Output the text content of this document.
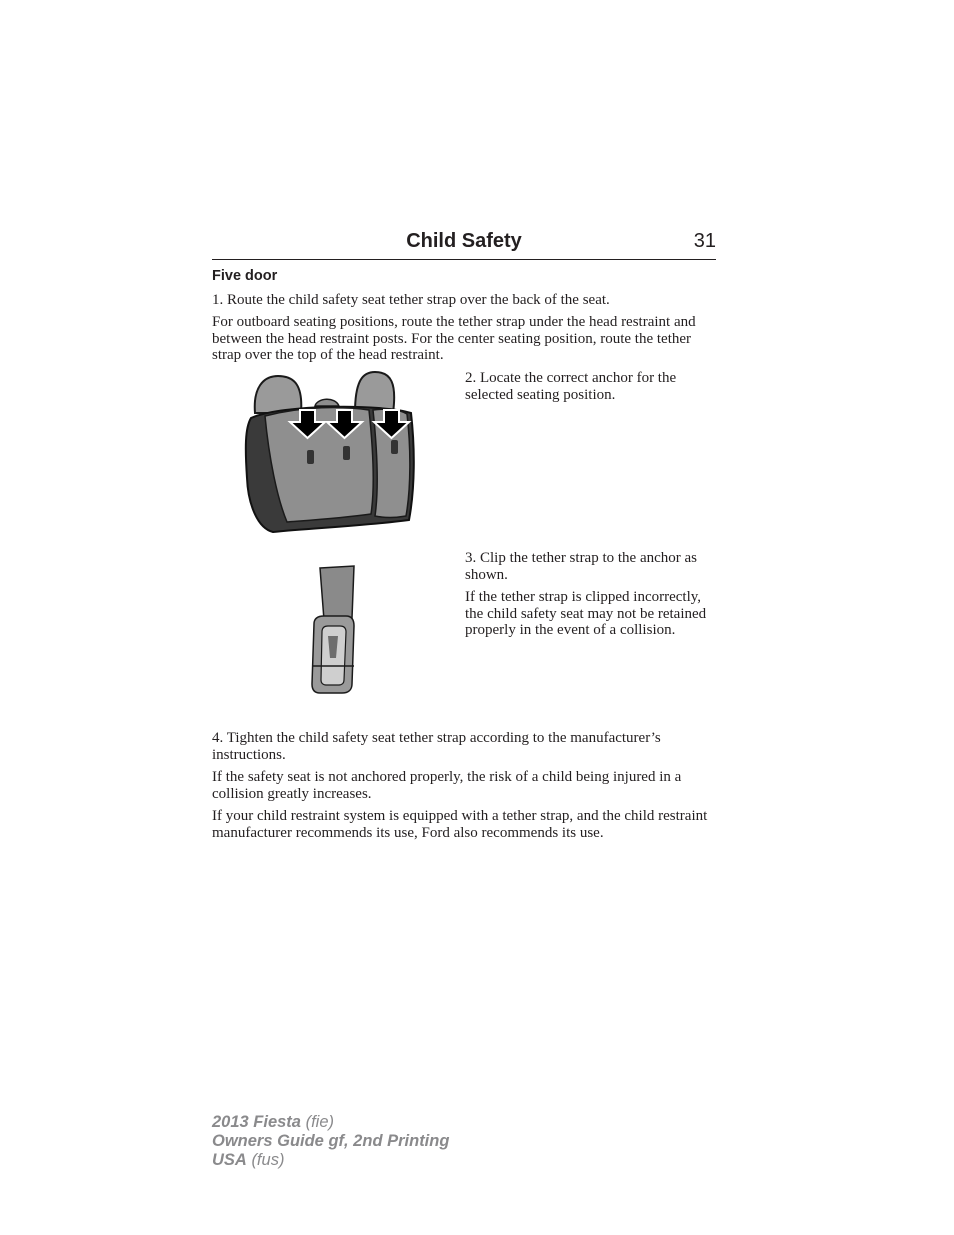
Child Safety	31
Five door

1. Route the child safety seat tether strap over the back of the seat.

For outboard seating positions, route the tether strap under the head restraint and between the head restraint posts. For the center seating position, route the tether strap over the top of the head restraint.

2. Locate the correct anchor for the selected seating position.

3. Clip the tether strap to the anchor as shown.

If the tether strap is clipped incorrectly, the child safety seat may not be retained properly in the event of a collision.

4. Tighten the child safety seat tether strap according to the manufacturer’s instructions.

If the safety seat is not anchored properly, the risk of a child being injured in a collision greatly increases.

If your child restraint system is equipped with a tether strap, and the child restraint manufacturer recommends its use, Ford also recommends its use.

2013 Fiesta (fie)
Owners Guide gf, 2nd Printing
USA (fus)
